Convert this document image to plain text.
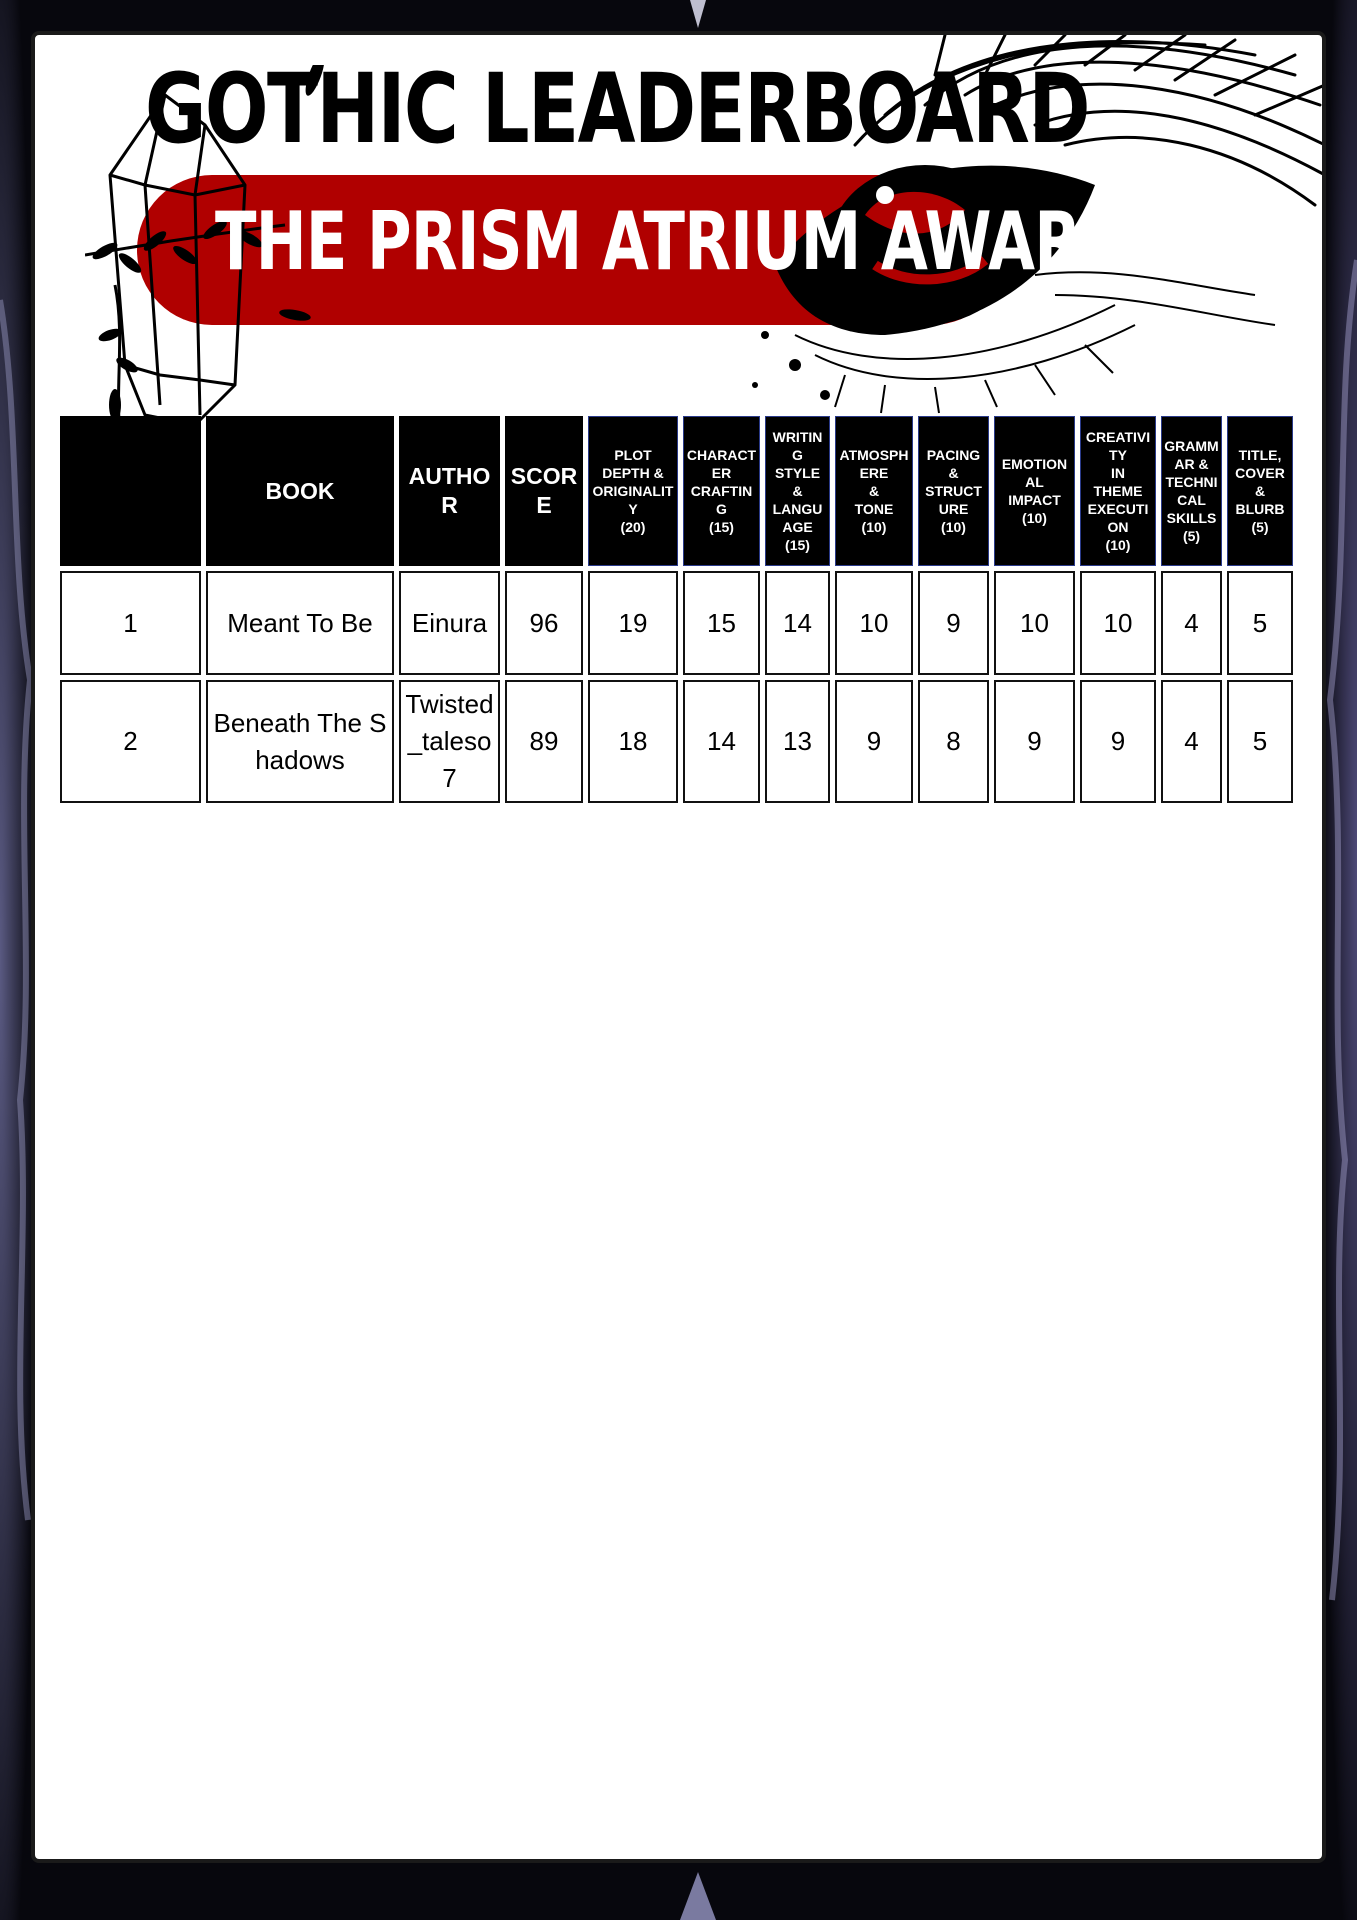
GOTHIC LEADERBOARD
THE PRISM ATRIUM AWARD
	BOOK	AUTHOR	SCORE	PLOT
DEPTH &
ORIGINALITY
(20)	CHARACTER
CRAFTING
(15)	WRITING
STYLE
&
LANGUAGE
(15)	ATMOSPHERE
&
TONE
(10)	PACING
&
STRUCTURE
(10)	EMOTIONAL
IMPACT
(10)	CREATIVITY
IN
THEME
EXECUTION
(10)	GRAMMAR &
TECHNICAL
SKILLS
(5)	TITLE,
COVER
&
BLURB
(5)
1	Meant To Be	Einura	96	19	15	14	10	9	10	10	4	5
2	Beneath The Shadows	Twisted_taleso7	89	18	14	13	9	8	9	9	4	5
